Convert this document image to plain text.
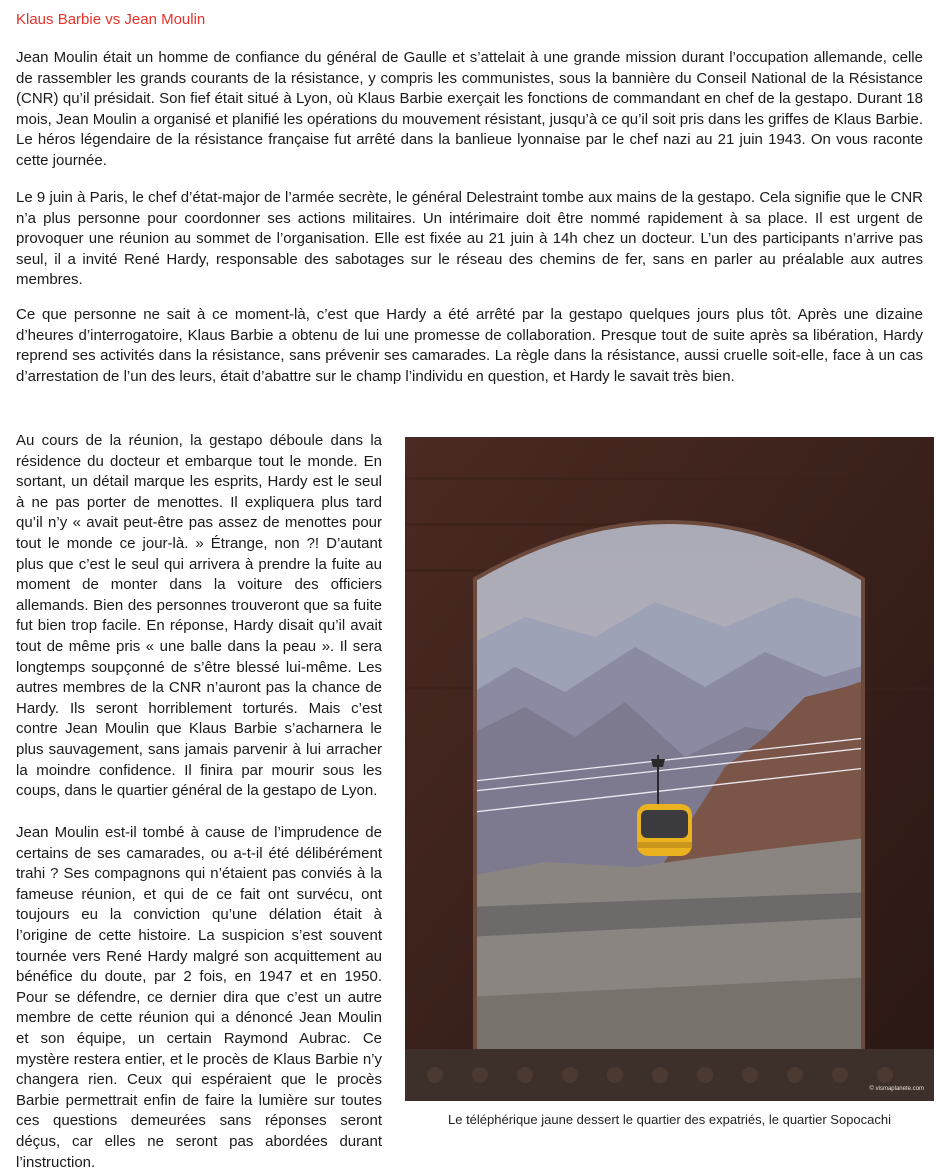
Klaus Barbie vs Jean Moulin

Jean Moulin était un homme de confiance du général de Gaulle et s’attelait à une grande mission durant l’occupation allemande, celle de rassembler les grands courants de la résistance, y compris les communistes, sous la bannière du Conseil National de la Résistance (CNR) qu’il présidait. Son fief était situé à Lyon, où Klaus Barbie exerçait les fonctions de commandant en chef de la gestapo. Durant 18 mois, Jean Moulin a organisé et planifié les opérations du mouvement résistant, jusqu’à ce qu’il soit pris dans les griffes de Klaus Barbie. Le héros légendaire de la résistance française fut arrêté dans la banlieue lyonnaise par le chef nazi au 21 juin 1943. On vous raconte cette journée.

Le 9 juin à Paris, le chef d’état-major de l’armée secrète, le général Delestraint tombe aux mains de la gestapo. Cela signifie que le CNR n’a plus personne pour coordonner ses actions militaires. Un intérimaire doit être nommé rapidement à sa place. Il est urgent de provoquer une réunion au sommet de l’organisation. Elle est fixée au 21 juin à 14h chez un docteur. L’un des participants n’arrive pas seul, il a invité René Hardy, responsable des sabotages sur le réseau des chemins de fer, sans en parler au préalable aux autres membres.

Ce que personne ne sait à ce moment-là, c’est que Hardy a été arrêté par la gestapo quelques jours plus tôt. Après une dizaine d’heures d’interrogatoire, Klaus Barbie a obtenu de lui une promesse de collaboration. Presque tout de suite après sa libération, Hardy reprend ses activités dans la résistance, sans prévenir ses camarades. La règle dans la résistance, aussi cruelle soit-elle, face à un cas d’arrestation de l’un des leurs, était d’abattre sur le champ l’individu en question, et Hardy le savait très bien.

Au cours de la réunion, la gestapo déboule dans la résidence du docteur et embarque tout le monde. En sortant, un détail marque les esprits, Hardy est le seul à ne pas porter de menottes. Il expliquera plus tard qu’il n’y « avait peut-être pas assez de menottes pour tout le monde ce jour-là. » Étrange, non ?! D’autant plus que c’est le seul qui arrivera à prendre la fuite au moment de monter dans la voiture des officiers allemands. Bien des personnes trouveront que sa fuite fut bien trop facile. En réponse, Hardy disait qu’il avait tout de même pris « une balle dans la peau ». Il sera longtemps soupçonné de s’être blessé lui-même. Les autres membres de la CNR n’auront pas la chance de Hardy. Ils seront horriblement torturés. Mais c’est contre Jean Moulin que Klaus Barbie s’acharnera le plus sauvagement, sans jamais parvenir à lui arracher la moindre confidence. Il finira par mourir sous les coups, dans le quartier général de la gestapo de Lyon.

Jean Moulin est-il tombé à cause de l’imprudence de certains de ses camarades, ou a-t-il été délibérément trahi ? Ses compagnons qui n’étaient pas conviés à la fameuse réunion, et qui de ce fait ont survécu, ont toujours eu la conviction qu’une délation était à l’origine de cette histoire. La suspicion s’est souvent tournée vers René Hardy malgré son acquittement au bénéfice du doute, par 2 fois, en 1947 et en 1950. Pour se défendre, ce dernier dira que c’est un autre membre de cette réunion qui a dénoncé Jean Moulin et son équipe, un certain Raymond Aubrac. Ce mystère restera entier, et le procès de Klaus Barbie n’y changera rien. Ceux qui espéraient que le procès Barbie permettrait enfin de faire la lumière sur toutes ces questions demeurées sans réponses seront déçus, car elles ne seront pas abordées durant l’instruction.

© vismaplanete.com

Le téléphérique jaune dessert le quartier des expatriés, le quartier Sopocachi
